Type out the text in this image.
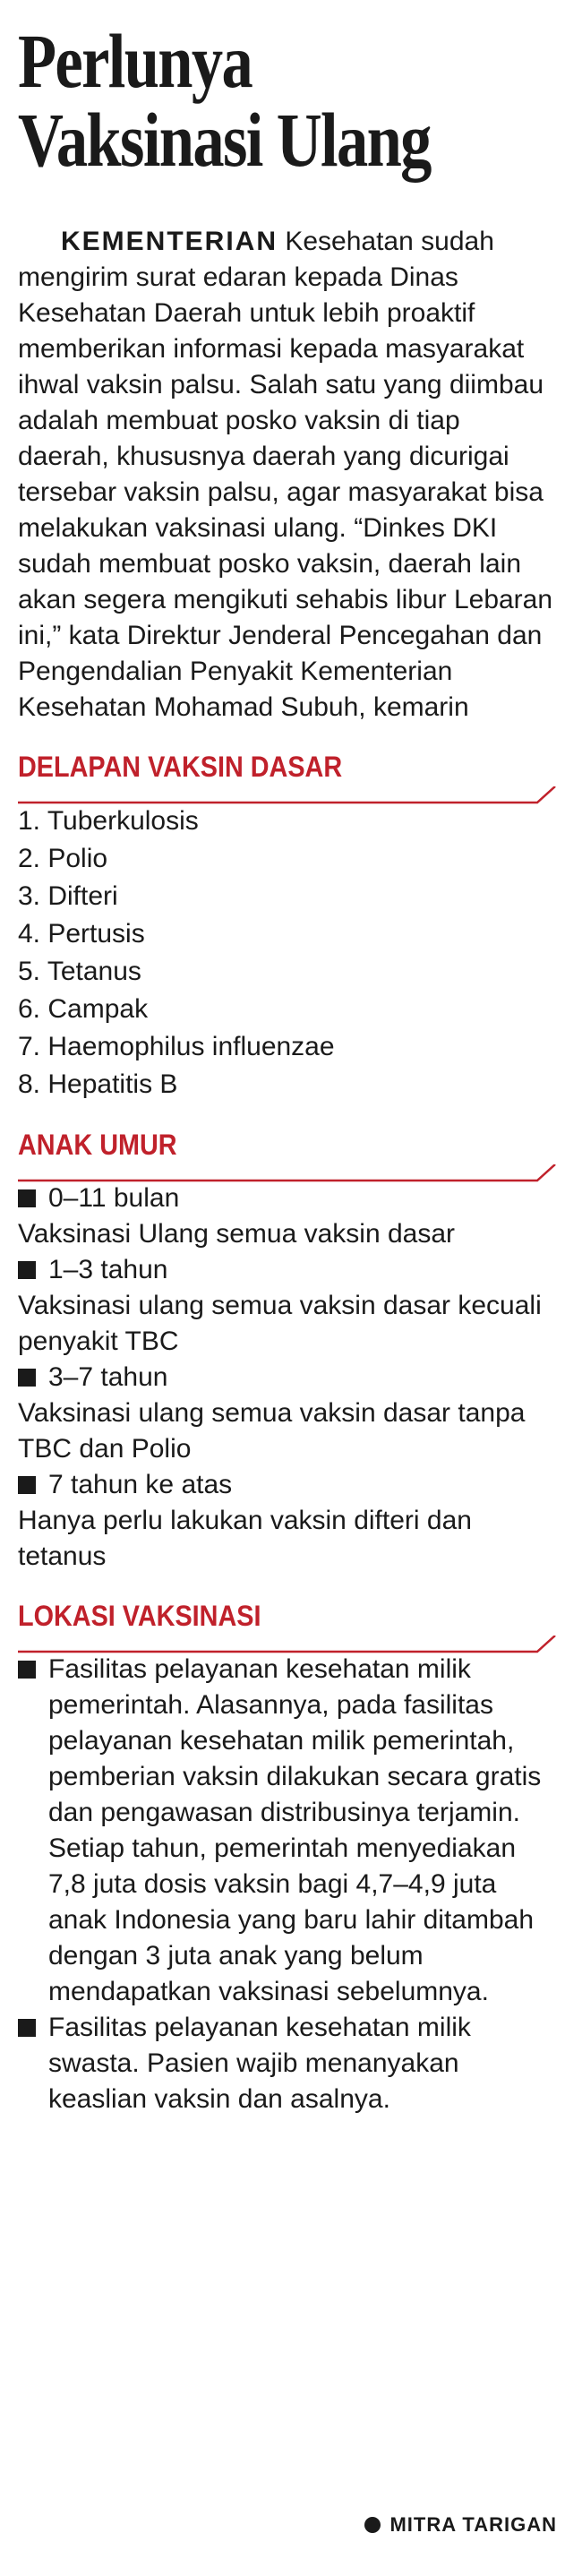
Perlunya
Vaksinasi Ulang

KEMENTERIAN Kesehatan sudah mengirim surat edaran kepada Dinas Kesehatan Daerah untuk lebih proaktif memberikan informasi kepada masyarakat ihwal vaksin palsu. Salah satu yang diimbau adalah membuat posko vaksin di tiap daerah, khususnya daerah yang dicurigai tersebar vaksin palsu, agar masyarakat bisa melakukan vaksinasi ulang. “Dinkes DKI sudah membuat posko vaksin, daerah lain akan segera mengikuti sehabis libur Lebaran ini,” kata Direktur Jenderal Pencegahan dan Pengendalian Penyakit Kementerian Kesehatan Mohamad Subuh, kemarin

DELAPAN VAKSIN DASAR
1. Tuberkulosis
2. Polio
3. Difteri
4. Pertusis
5. Tetanus
6. Campak
7. Haemophilus influenzae
8. Hepatitis B
ANAK UMUR
0–11 bulan
Vaksinasi Ulang semua vaksin dasar
1–3 tahun
Vaksinasi ulang semua vaksin dasar kecuali penyakit TBC
3–7 tahun
Vaksinasi ulang semua vaksin dasar tanpa TBC dan Polio
7 tahun ke atas
Hanya perlu lakukan vaksin difteri dan tetanus
LOKASI VAKSINASI
Fasilitas pelayanan kesehatan milik pemerintah. Alasannya, pada fasilitas pelayanan kesehatan milik pemerintah, pemberian vaksin dilakukan secara gratis dan pengawasan distribusinya terjamin. Setiap tahun, pemerintah menyediakan 7,8 juta dosis vaksin bagi 4,7–4,9 juta anak Indonesia yang baru lahir ditambah dengan 3 juta anak yang belum mendapatkan vaksinasi sebelumnya.
Fasilitas pelayanan kesehatan milik swasta. Pasien wajib menanyakan keaslian vaksin dan asalnya.
MITRA TARIGAN
